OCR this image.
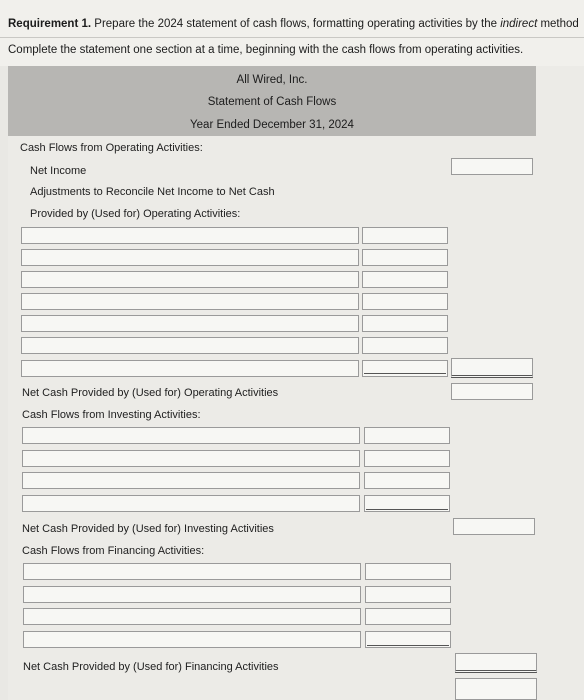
Requirement 1. Prepare the 2024 statement of cash flows, formatting operating activities by the indirect method
Complete the statement one section at a time, beginning with the cash flows from operating activities.
All Wired, Inc.
Statement of Cash Flows
Year Ended December 31, 2024
Cash Flows from Operating Activities:
Net Income
Adjustments to Reconcile Net Income to Net Cash
Provided by (Used for) Operating Activities:
Net Cash Provided by (Used for) Operating Activities
Cash Flows from Investing Activities:
Net Cash Provided by (Used for) Investing Activities
Cash Flows from Financing Activities:
Net Cash Provided by (Used for) Financing Activities
